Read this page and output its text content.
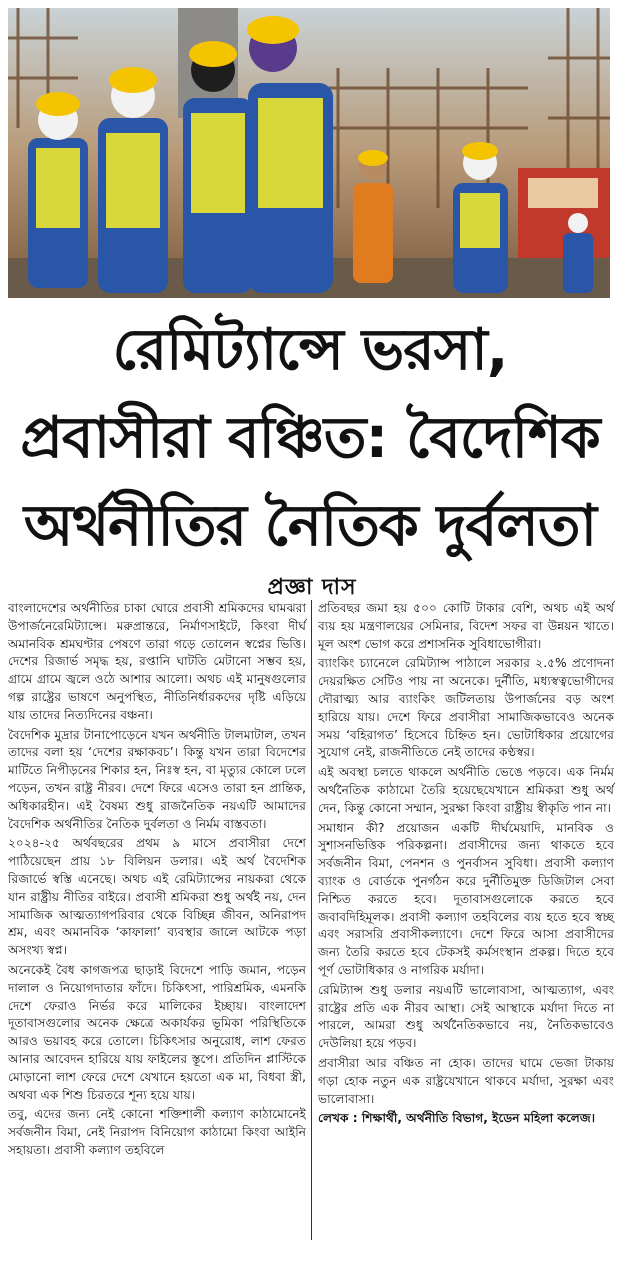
রেমিট্যান্সে ভরসা,
প্রবাসীরা বঞ্চিত: বৈদেশিক
অর্থনীতির নৈতিক দুর্বলতা
প্রজ্ঞা দাস

বাংলাদেশের অর্থনীতির চাকা ঘোরে প্রবাসী শ্রমিকদের ঘামঝরা উপার্জনেরেমিট্যান্সে। মরুপ্রান্তরে, নির্মাণসাইটে, কিংবা দীর্ঘ অমানবিক শ্রমঘণ্টার পেষণে তারা গড়ে তোলেন স্বপ্নের ভিত্তি। দেশের রিজার্ভ সমৃদ্ধ হয়, রপ্তানি ঘাটতি মেটানো সম্ভব হয়, গ্রামে গ্রামে জ্বলে ওঠে আশার আলো। অথচ এই মানুষগুলোর গল্প রাষ্ট্রের ভাষণে অনুপস্থিত, নীতিনির্ধারকদের দৃষ্টি এড়িয়ে যায় তাদের নিত্যদিনের বঞ্চনা।

বৈদেশিক মুদ্রার টানাপোড়েনে যখন অর্থনীতি টালমাটাল, তখন তাদের বলা হয় ‘দেশের রক্ষাকবচ’। কিন্তু যখন তারা বিদেশের মাটিতে নিপীড়নের শিকার হন, নিঃস্ব হন, বা মৃত্যুর কোলে ঢলে পড়েন, তখন রাষ্ট্র নীরব। দেশে ফিরে এসেও তারা হন প্রান্তিক, অধিকারহীন। এই বৈষম্য শুধু রাজনৈতিক নয়এটি আমাদের বৈদেশিক অর্থনীতির নৈতিক দুর্বলতা ও নির্মম বাস্তবতা।

২০২৪-২৫ অর্থবছরের প্রথম ৯ মাসে প্রবাসীরা দেশে পাঠিয়েছেন প্রায় ১৮ বিলিয়ন ডলার। এই অর্থ বৈদেশিক রিজার্ভে স্বস্তি এনেছে। অথচ এই রেমিট্যান্সের নায়করা থেকে যান রাষ্ট্রীয় নীতির বাইরে। প্রবাসী শ্রমিকরা শুধু অর্থই নয়, দেন সামাজিক আত্মত্যাগপরিবার থেকে বিচ্ছিন্ন জীবন, অনিরাপদ শ্রম, এবং অমানবিক ‘কাফালা’ ব্যবস্থার জালে আটকে পড়া অসংখ্য স্বপ্ন।

অনেকেই বৈধ কাগজপত্র ছাড়াই বিদেশে পাড়ি জমান, পড়েন দালাল ও নিয়োগদাতার ফাঁদে। চিকিৎসা, পারিশ্রমিক, এমনকি দেশে ফেরাও নির্ভর করে মালিকের ইচ্ছায়। বাংলাদেশ দূতাবাসগুলোর অনেক ক্ষেত্রে অকার্যকর ভূমিকা পরিস্থিতিকে আরও ভয়াবহ করে তোলে। চিকিৎসার অনুরোধ, লাশ ফেরত আনার আবেদন হারিয়ে যায় ফাইলের স্তূপে। প্রতিদিন প্লাস্টিকে মোড়ানো লাশ ফেরে দেশে যেখানে হয়তো এক মা, বিধবা স্ত্রী, অথবা এক শিশু চিরতরে শূন্য হয়ে যায়।

তবু, এদের জন্য নেই কোনো শক্তিশালী কল্যাণ কাঠামোনেই সর্বজনীন বিমা, নেই নিরাপদ বিনিয়োগ কাঠামো কিংবা আইনি সহায়তা। প্রবাসী কল্যাণ তহবিলে

প্রতিবছর জমা হয় ৫০০ কোটি টাকার বেশি, অথচ এই অর্থ ব্যয় হয় মন্ত্রণালয়ের সেমিনার, বিদেশ সফর বা উন্নয়ন খাতে। মূল অংশ ভোগ করে প্রশাসনিক সুবিধাভোগীরা।

ব্যাংকিং চ্যানেলে রেমিট্যান্স পাঠালে সরকার ২.৫% প্রণোদনা দেয়রক্ষিত সেটিও পায় না অনেকে। দুর্নীতি, মধ্যস্বত্বভোগীদের দৌরাত্ম্য আর ব্যাংকিং জটিলতায় উপার্জনের বড় অংশ হারিয়ে যায়। দেশে ফিরে প্রবাসীরা সামাজিকভাবেও অনেক সময় ‘বহিরাগত’ হিসেবে চিহ্নিত হন। ভোটাধিকার প্রয়োগের সুযোগ নেই, রাজনীতিতে নেই তাদের কণ্ঠস্বর।

এই অবস্থা চলতে থাকলে অর্থনীতি ভেঙে পড়বে। এক নির্মম অর্থনৈতিক কাঠামো তৈরি হয়েছেযেখানে শ্রমিকরা শুধু অর্থ দেন, কিন্তু কোনো সম্মান, সুরক্ষা কিংবা রাষ্ট্রীয় স্বীকৃতি পান না।

সমাধান কী? প্রয়োজন একটি দীর্ঘমেয়াদি, মানবিক ও সুশাসনভিত্তিক পরিকল্পনা। প্রবাসীদের জন্য থাকতে হবে সর্বজনীন বিমা, পেনশন ও পুনর্বাসন সুবিধা। প্রবাসী কল্যাণ ব্যাংক ও বোর্ডকে পুনর্গঠন করে দুর্নীতিমুক্ত ডিজিটাল সেবা নিশ্চিত করতে হবে। দূতাবাসগুলোকে করতে হবে জবাবদিহিমূলক। প্রবাসী কল্যাণ তহবিলের ব্যয় হতে হবে স্বচ্ছ এবং সরাসরি প্রবাসীকল্যাণে। দেশে ফিরে আসা প্রবাসীদের জন্য তৈরি করতে হবে টেকসই কর্মসংস্থান প্রকল্প। দিতে হবে পূর্ণ ভোটাধিকার ও নাগরিক মর্যাদা।

রেমিট্যান্স শুধু ডলার নয়এটি ভালোবাসা, আত্মত্যাগ, এবং রাষ্ট্রের প্রতি এক নীরব আস্থা। সেই আস্থাকে মর্যাদা দিতে না পারলে, আমরা শুধু অর্থনৈতিকভাবে নয়, নৈতিকভাবেও দেউলিয়া হয়ে পড়ব।

প্রবাসীরা আর বঞ্চিত না হোক। তাদের ঘামে ভেজা টাকায় গড়া হোক নতুন এক রাষ্ট্রযেখানে থাকবে মর্যাদা, সুরক্ষা এবং ভালোবাসা।

লেখক : শিক্ষার্থী, অর্থনীতি বিভাগ, ইডেন মহিলা কলেজ।
